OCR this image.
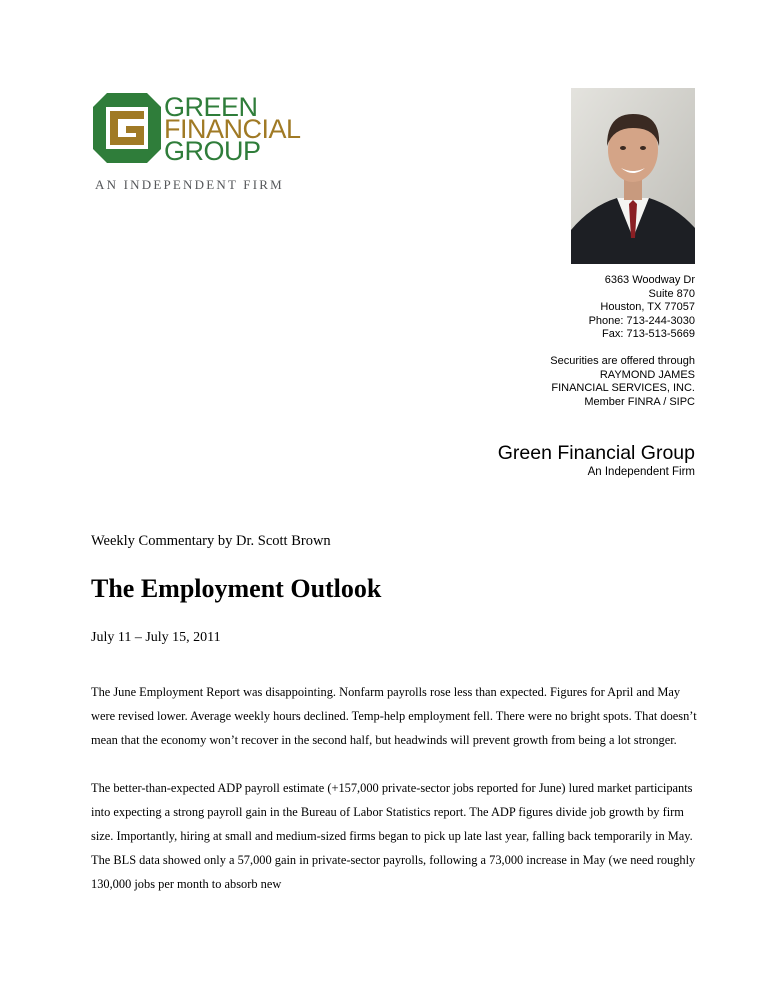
GREEN
FINANCIAL
GROUP
AN INDEPENDENT FIRM
6363 Woodway Dr
Suite 870
Houston, TX 77057
Phone: 713-244-3030
Fax: 713-513-5669
Securities are offered through
RAYMOND JAMES
FINANCIAL SERVICES, INC.
Member FINRA / SIPC
Green Financial Group
An Independent Firm
Weekly Commentary by Dr. Scott Brown
The Employment Outlook
July 11 – July 15, 2011

The June Employment Report was disappointing. Nonfarm payrolls rose less than expected. Figures for April and May were revised lower. Average weekly hours declined. Temp-help employment fell. There were no bright spots. That doesn’t mean that the economy won’t recover in the second half, but headwinds will prevent growth from being a lot stronger.

The better-than-expected ADP payroll estimate (+157,000 private-sector jobs reported for June) lured market participants into expecting a strong payroll gain in the Bureau of Labor Statistics report. The ADP figures divide job growth by firm size. Importantly, hiring at small and medium-sized firms began to pick up late last year, falling back temporarily in May. The BLS data showed only a 57,000 gain in private-sector payrolls, following a 73,000 increase in May (we need roughly 130,000 jobs per month to absorb new
